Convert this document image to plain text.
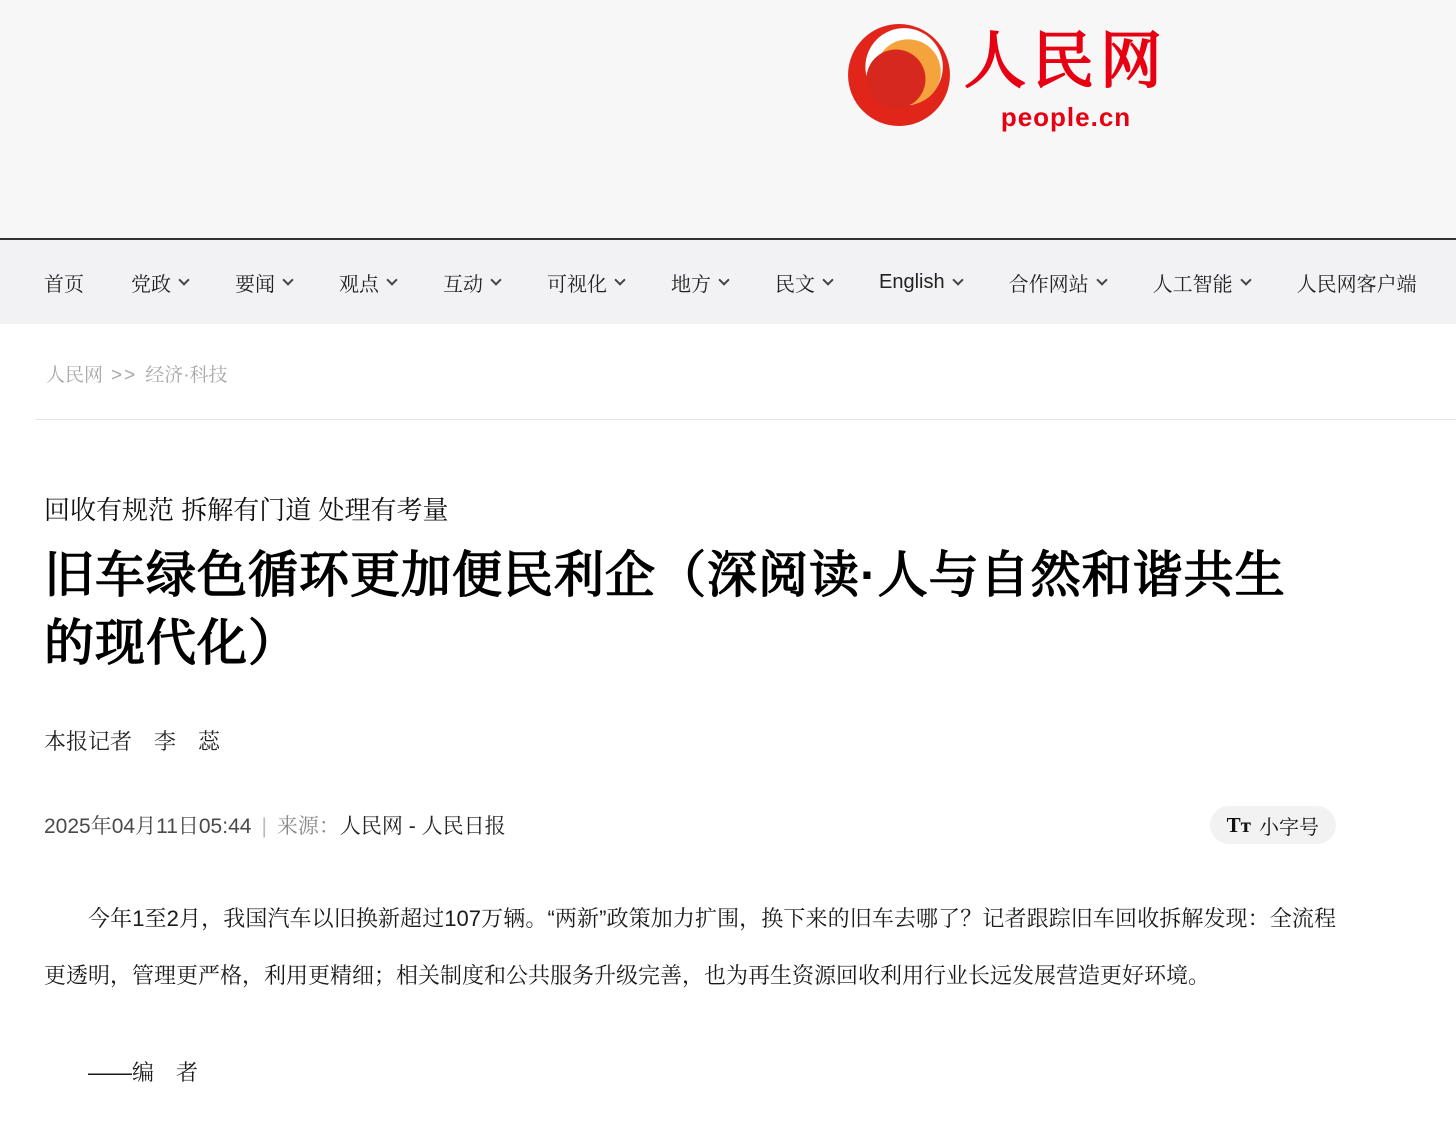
人民网
people.cn
首页 党政	要闻	观点	互动	可视化	地方	民文	English	合作网站	人工智能	人民网客户端
人民网 >> 经济·科技
回收有规范 拆解有门道 处理有考量
旧车绿色循环更加便民利企（深阅读·人与自然和谐共生的现代化）
本报记者　李　蕊
2025年04月11日05:44 | 来源：人民网 - 人民日报	Tт 小字号

今年1至2月，我国汽车以旧换新超过107万辆。“两新”政策加力扩围，换下来的旧车去哪了？记者跟踪旧车回收拆解发现：全流程更透明，管理更严格，利用更精细；相关制度和公共服务升级完善，也为再生资源回收利用行业长远发展营造更好环境。

——编　者
